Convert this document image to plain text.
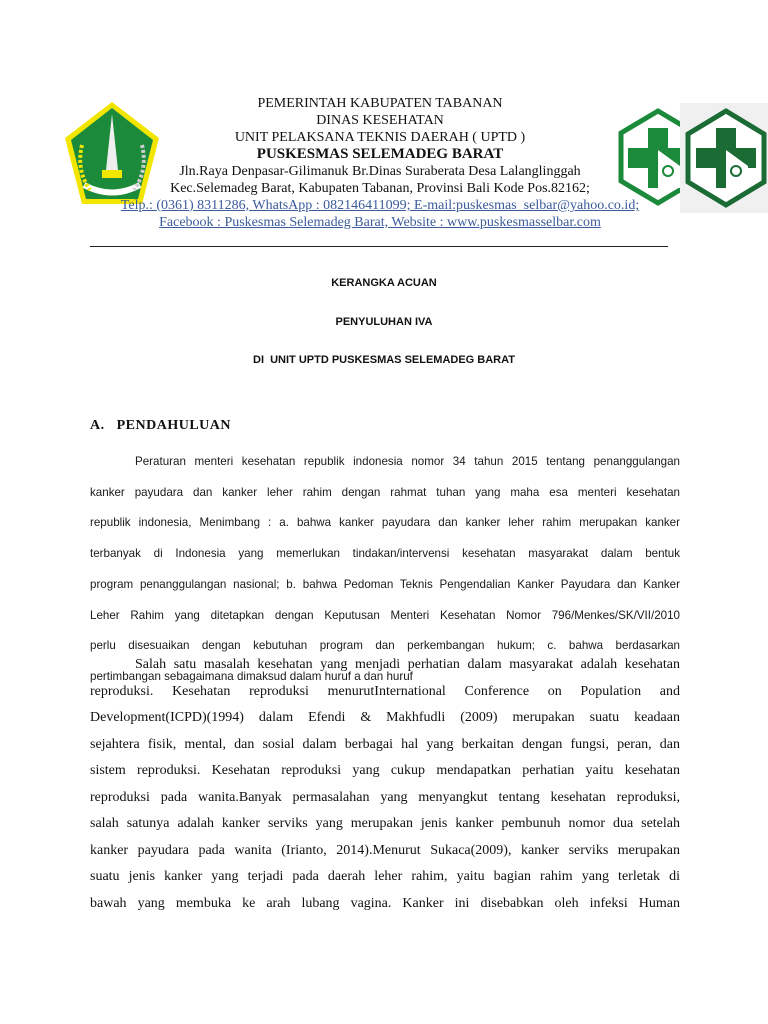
PEMERINTAH KABUPATEN TABANAN
DINAS KESEHATAN
UNIT PELAKSANA TEKNIS DAERAH ( UPTD )
PUSKESMAS SELEMADEG BARAT
Jln.Raya Denpasar-Gilimanuk Br.Dinas Suraberata Desa Lalanglinggah
Kec.Selemadeg Barat, Kabupaten Tabanan, Provinsi Bali Kode Pos.82162;
Telp.: (0361) 8311286, WhatsApp : 082146411099; E-mail:puskesmas_selbar@yahoo.co.id;
Facebook : Puskesmas Selemadeg Barat, Website : www.puskesmasselbar.com
KERANGKA ACUAN
PENYULUHAN IVA
DI  UNIT UPTD PUSKESMAS SELEMADEG BARAT
A.   PENDAHULUAN
Peraturan menteri kesehatan republik indonesia nomor 34 tahun 2015 tentang penanggulangan
kanker payudara dan kanker leher rahim dengan rahmat tuhan yang maha esa menteri kesehatan
republik indonesia, Menimbang : a. bahwa kanker payudara dan kanker leher rahim merupakan kanker
terbanyak di Indonesia yang memerlukan tindakan/intervensi kesehatan masyarakat dalam bentuk
program penanggulangan nasional; b. bahwa Pedoman Teknis Pengendalian Kanker Payudara dan Kanker
Leher Rahim yang ditetapkan dengan Keputusan Menteri Kesehatan Nomor 796/Menkes/SK/VII/2010
perlu disesuaikan dengan kebutuhan program dan perkembangan hukum; c. bahwa berdasarkan
pertimbangan sebagaimana dimaksud dalam huruf a dan huruf
Salah satu masalah kesehatan yang menjadi perhatian dalam masyarakat adalah kesehatan
reproduksi. Kesehatan reproduksi menurutInternational Conference on Population and
Development(ICPD)(1994) dalam Efendi & Makhfudli (2009) merupakan suatu keadaan
sejahtera fisik, mental, dan sosial dalam berbagai hal yang berkaitan dengan fungsi, peran, dan
sistem reproduksi. Kesehatan reproduksi yang cukup mendapatkan perhatian yaitu kesehatan
reproduksi pada wanita.Banyak permasalahan yang menyangkut tentang kesehatan reproduksi,
salah satunya adalah kanker serviks yang merupakan jenis kanker pembunuh nomor dua setelah
kanker payudara pada wanita (Irianto, 2014).Menurut Sukaca(2009), kanker serviks merupakan
suatu jenis kanker yang terjadi pada daerah leher rahim, yaitu bagian rahim yang terletak di
bawah yang membuka ke arah lubang vagina. Kanker ini disebabkan oleh infeksi Human
